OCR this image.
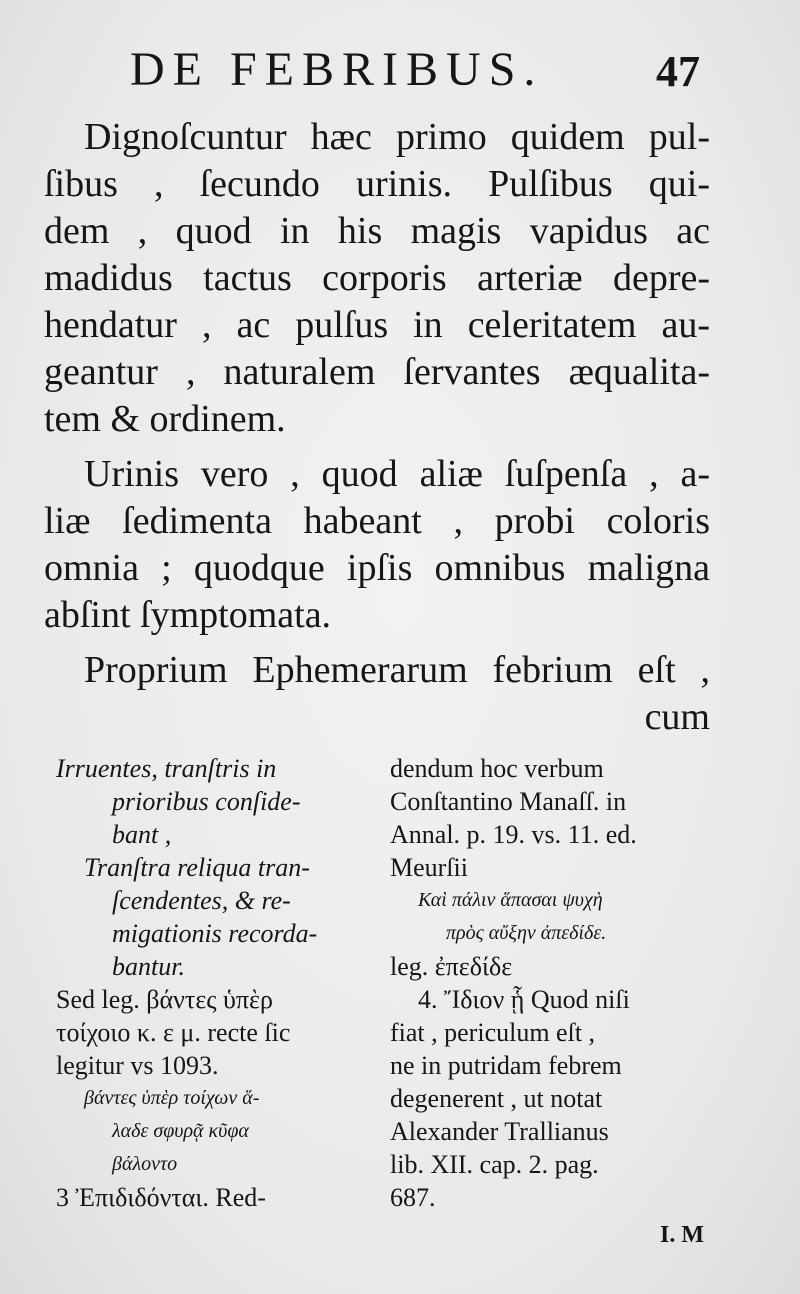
DE FEBRIBUS.	47
Dignoſcuntur hæc primo quidem pul-
ſibus , ſecundo urinis. Pulſibus qui-
dem , quod in his magis vapidus ac
madidus tactus corporis arteriæ depre-
hendatur , ac pulſus in celeritatem au-
geantur , naturalem ſervantes æqualita-
tem & ordinem.
Urinis vero , quod aliæ ſuſpenſa , a-
liæ ſedimenta habeant , probi coloris
omnia ; quodque ipſis omnibus maligna
abſint ſymptomata.
Proprium Ephemerarum febrium eſt ,
cum
Irruentes, tranſtris in
prioribus conſide-
bant ,
Tranſtra reliqua tran-
ſcendentes, & re-
migationis recorda-
bantur.
Sed leg. βάντες ὑπὲρ
τοίχοιο κ. ε μ. recte ſic
legitur vs 1093.
βάντες ὑπὲρ τοίχων ἅ-
λαδε σφυρᾷ κῦφα
βάλοντο
3 Ἐπιδιδόνται. Red-
dendum hoc verbum
Conſtantino Manaſſ. in
Annal. p. 19. vs. 11. ed.
Meurſii
Καὶ πάλιν ἅπασαι ψυχὴ
πρὸς αὔξην ἀπεδίδε.
leg. ἐπεδίδε
4. Ἴδιον ᾗ Quod niſi
fiat , periculum eſt ,
ne in putridam febrem
degenerent , ut notat
Alexander Trallianus
lib. XII. cap. 2. pag.
687.
I. M
